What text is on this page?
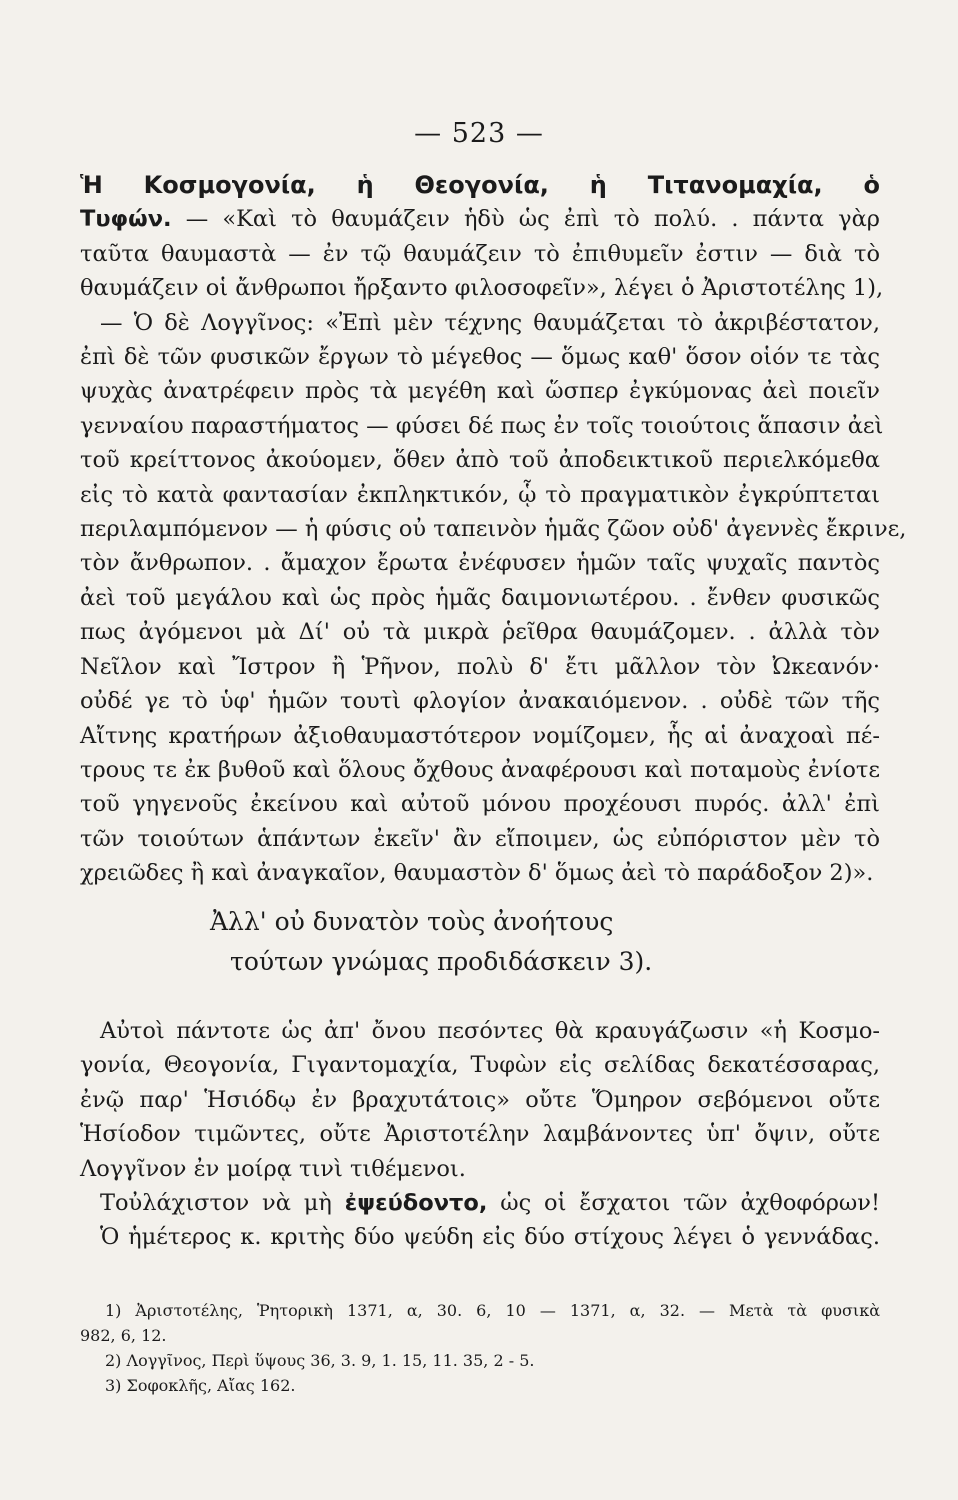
— 523 —
Ἡ Κοσμογονία, ἡ Θεογονία, ἡ Τιτανομαχία, ὁ
Τυφών. — «Καὶ τὸ θαυμάζειν ἡδὺ ὡς ἐπὶ τὸ πολύ. . πάντα γὰρ
ταῦτα θαυμαστὰ — ἐν τῷ θαυμάζειν τὸ ἐπιθυμεῖν ἐστιν — διὰ τὸ
θαυμάζειν οἱ ἄνθρωποι ἤρξαντο φιλοσοφεῖν», λέγει ὁ Ἀριστοτέλης 1),
— Ὁ δὲ Λογγῖνος: «Ἐπὶ μὲν τέχνης θαυμάζεται τὸ ἀκριβέστατον,
ἐπὶ δὲ τῶν φυσικῶν ἔργων τὸ μέγεθος — ὅμως καθ' ὅσον οἱόν τε τὰς
ψυχὰς ἀνατρέφειν πρὸς τὰ μεγέθη καὶ ὥσπερ ἐγκύμονας ἀεὶ ποιεῖν
γενναίου παραστήματος — φύσει δέ πως ἐν τοῖς τοιούτοις ἅπασιν ἀεὶ
τοῦ κρείττονος ἀκούομεν, ὅθεν ἀπὸ τοῦ ἀποδεικτικοῦ περιελκόμεθα
εἰς τὸ κατὰ φαντασίαν ἐκπληκτικόν, ᾧ τὸ πραγματικὸν ἐγκρύπτεται
περιλαμπόμενον — ἡ φύσις οὐ ταπεινὸν ἡμᾶς ζῶον οὐδ' ἀγεννὲς ἔκρινε,
τὸν ἄνθρωπον. . ἄμαχον ἔρωτα ἐνέφυσεν ἡμῶν ταῖς ψυχαῖς παντὸς
ἀεὶ τοῦ μεγάλου καὶ ὡς πρὸς ἡμᾶς δαιμονιωτέρου. . ἔνθεν φυσικῶς
πως ἀγόμενοι μὰ Δί' οὐ τὰ μικρὰ ῥεῖθρα θαυμάζομεν. . ἀλλὰ τὸν
Νεῖλον καὶ Ἴστρον ἢ Ῥῆνον, πολὺ δ' ἔτι μᾶλλον τὸν Ὠκεανόν·
οὐδέ γε τὸ ὑφ' ἡμῶν τουτὶ φλογίον ἀνακαιόμενον. . οὐδὲ τῶν τῆς
Αἴτνης κρατήρων ἀξιοθαυμαστότερον νομίζομεν, ἧς αἱ ἀναχοαὶ πέ-
τρους τε ἐκ βυθοῦ καὶ ὅλους ὄχθους ἀναφέρουσι καὶ ποταμοὺς ἐνίοτε
τοῦ γηγενοῦς ἐκείνου καὶ αὐτοῦ μόνου προχέουσι πυρός. ἀλλ' ἐπὶ
τῶν τοιούτων ἁπάντων ἐκεῖν' ἂν εἴποιμεν, ὡς εὐπόριστον μὲν τὸ
χρειῶδες ἢ καὶ ἀναγκαῖον, θαυμαστὸν δ' ὅμως ἀεὶ τὸ παράδοξον 2)».
Ἀλλ' οὐ δυνατὸν τοὺς ἀνοήτους
τούτων γνώμας προδιδάσκειν 3).
Αὐτοὶ πάντοτε ὡς ἀπ' ὄνου πεσόντες θὰ κραυγάζωσιν «ἡ Κοσμο-
γονία, Θεογονία, Γιγαντομαχία, Τυφὼν εἰς σελίδας δεκατέσσαρας,
ἐνῷ παρ' Ἡσιόδῳ ἐν βραχυτάτοις» οὔτε Ὅμηρον σεβόμενοι οὔτε
Ἡσίοδον τιμῶντες, οὔτε Ἀριστοτέλην λαμβάνοντες ὑπ' ὄψιν, οὔτε
Λογγῖνον ἐν μοίρᾳ τινὶ τιθέμενοι.
Τοὐλάχιστον νὰ μὴ ἐψεύδοντο, ὡς οἱ ἔσχατοι τῶν ἀχθοφόρων!
Ὁ ἡμέτερος κ. κριτὴς δύο ψεύδη εἰς δύο στίχους λέγει ὁ γεννάδας.
1) Ἀριστοτέλης, Ῥητορικὴ 1371, α, 30. 6, 10 — 1371, α, 32. — Μετὰ τὰ φυσικὰ
982, 6, 12.
2) Λογγῖνος, Περὶ ὕψους 36, 3. 9, 1. 15, 11. 35, 2 - 5.
3) Σοφοκλῆς, Αἴας 162.
